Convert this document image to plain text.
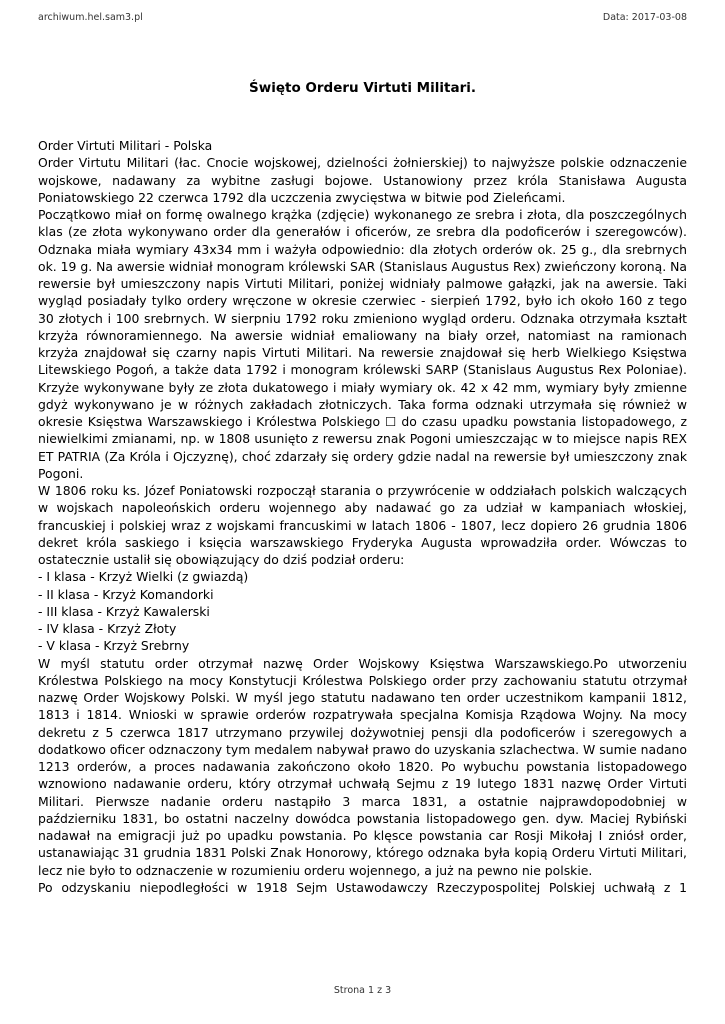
archiwum.hel.sam3.pl	Data: 2017-03-08
Święto Orderu Virtuti Militari.

Order Virtuti Militari - Polska

Order Virtutu Militari (łac. Cnocie wojskowej, dzielności żołnierskiej) to najwyższe polskie odznaczenie wojskowe, nadawany za wybitne zasługi bojowe. Ustanowiony przez króla Stanisława Augusta Poniatowskiego 22 czerwca 1792 dla uczczenia zwycięstwa w bitwie pod Zieleńcami.

Początkowo miał on formę owalnego krążka (zdjęcie) wykonanego ze srebra i złota, dla poszczególnych klas (ze złota wykonywano order dla generałów i oficerów, ze srebra dla podoficerów i szeregowców). Odznaka miała wymiary 43x34 mm i ważyła odpowiednio: dla złotych orderów ok. 25 g., dla srebrnych ok. 19 g. Na awersie widniał monogram królewski SAR (Stanislaus Augustus Rex) zwieńczony koroną. Na rewersie był umieszczony napis Virtuti Militari, poniżej widniały palmowe gałązki, jak na awersie. Taki wygląd posiadały tylko ordery wręczone w okresie czerwiec - sierpień 1792, było ich około 160 z tego 30 złotych i 100 srebrnych. W sierpniu 1792 roku zmieniono wygląd orderu. Odznaka otrzymała kształt krzyża równoramiennego. Na awersie widniał emaliowany na biały orzeł, natomiast na ramionach krzyża znajdował się czarny napis Virtuti Militari. Na rewersie znajdował się herb Wielkiego Księstwa Litewskiego Pogoń, a także data 1792 i monogram królewski SARP (Stanislaus Augustus Rex Poloniae). Krzyże wykonywane były ze złota dukatowego i miały wymiary ok. 42 x 42 mm, wymiary były zmienne gdyż wykonywano je w różnych zakładach złotniczych. Taka forma odznaki utrzymała się również w okresie Księstwa Warszawskiego i Królestwa Polskiego ☐ do czasu upadku powstania listopadowego, z niewielkimi zmianami, np. w 1808 usunięto z rewersu znak Pogoni umieszczając w to miejsce napis REX ET PATRIA (Za Króla i Ojczyznę), choć zdarzały się ordery gdzie nadal na rewersie był umieszczony znak Pogoni.

W 1806 roku ks. Józef Poniatowski rozpoczął starania o przywrócenie w oddziałach polskich walczących w wojskach napoleońskich orderu wojennego aby nadawać go za udział w kampaniach włoskiej, francuskiej i polskiej wraz z wojskami francuskimi w latach 1806 - 1807, lecz dopiero 26 grudnia 1806 dekret króla saskiego i księcia warszawskiego Fryderyka Augusta wprowadziła order. Wówczas to ostatecznie ustalił się obowiązujący do dziś podział orderu:

- I klasa - Krzyż Wielki (z gwiazdą)

- II klasa - Krzyż Komandorki

- III klasa - Krzyż Kawalerski

- IV klasa - Krzyż Złoty

- V klasa - Krzyż Srebrny

W myśl statutu order otrzymał nazwę Order Wojskowy Księstwa Warszawskiego.Po utworzeniu Królestwa Polskiego na mocy Konstytucji Królestwa Polskiego order przy zachowaniu statutu otrzymał nazwę Order Wojskowy Polski. W myśl jego statutu nadawano ten order uczestnikom kampanii 1812, 1813 i 1814. Wnioski w sprawie orderów rozpatrywała specjalna Komisja Rządowa Wojny. Na mocy dekretu z 5 czerwca 1817 utrzymano przywilej dożywotniej pensji dla podoficerów i szeregowych a dodatkowo oficer odznaczony tym medalem nabywał prawo do uzyskania szlachectwa. W sumie nadano 1213 orderów, a proces nadawania zakończono około 1820. Po wybuchu powstania listopadowego wznowiono nadawanie orderu, który otrzymał uchwałą Sejmu z 19 lutego 1831 nazwę Order Virtuti Militari. Pierwsze nadanie orderu nastąpiło 3 marca 1831, a ostatnie najprawdopodobniej w październiku 1831, bo ostatni naczelny dowódca powstania listopadowego gen. dyw. Maciej Rybiński nadawał na emigracji już po upadku powstania. Po klęsce powstania car Rosji Mikołaj I zniósł order, ustanawiając 31 grudnia 1831 Polski Znak Honorowy, którego odznaka była kopią Orderu Virtuti Militari, lecz nie było to odznaczenie w rozumieniu orderu wojennego, a już na pewno nie polskie.

Po odzyskaniu niepodległości w 1918 Sejm Ustawodawczy Rzeczypospolitej Polskiej uchwałą z 1

Strona 1 z 3
